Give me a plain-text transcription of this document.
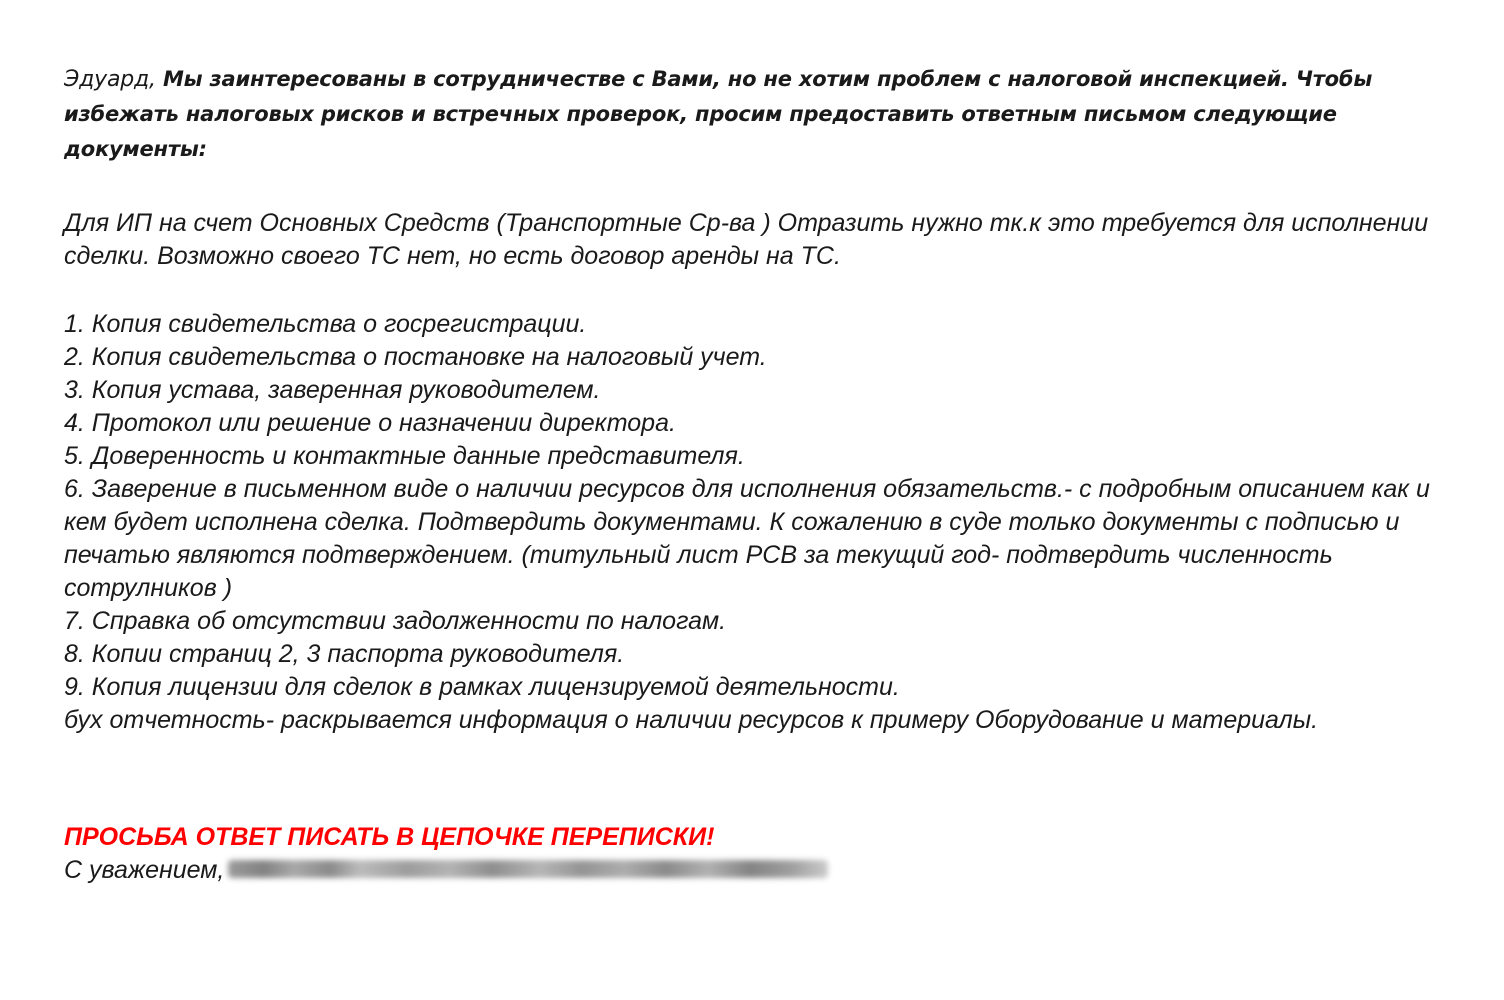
Эдуард, Мы заинтересованы в сотрудничестве с Вами, но не хотим проблем с налоговой инспекцией. Чтобы избежать налоговых рисков и встречных проверок, просим предоставить ответным письмом следующие документы:

Для ИП на счет Основных Средств (Транспортные Ср-ва ) Отразить нужно тк.к это требуется для исполнении сделки. Возможно своего ТС нет, но есть договор аренды на ТС.

1. Копия свидетельства о госрегистрации.
2. Копия свидетельства о постановке на налоговый учет.
3. Копия устава, заверенная руководителем.
4. Протокол или решение о назначении директора.
5. Доверенность и контактные данные представителя.
6. Заверение в письменном виде о наличии ресурсов для исполнения обязательств.- с подробным описанием как и кем будет исполнена сделка. Подтвердить документами. К сожалению в суде только документы с подписью и печатью являются подтверждением. (титульный лист РСВ за текущий год- подтвердить численность сотрулников )
7. Справка об отсутствии задолженности по налогам.
8. Копии страниц 2, 3 паспорта руководителя.
9. Копия лицензии для сделок в рамках лицензируемой деятельности.

бух отчетность- раскрывается информация о наличии ресурсов к примеру Оборудование и материалы.

ПРОСЬБА ОТВЕТ ПИСАТЬ В ЦЕПОЧКЕ ПЕРЕПИСКИ!

С уважением,
